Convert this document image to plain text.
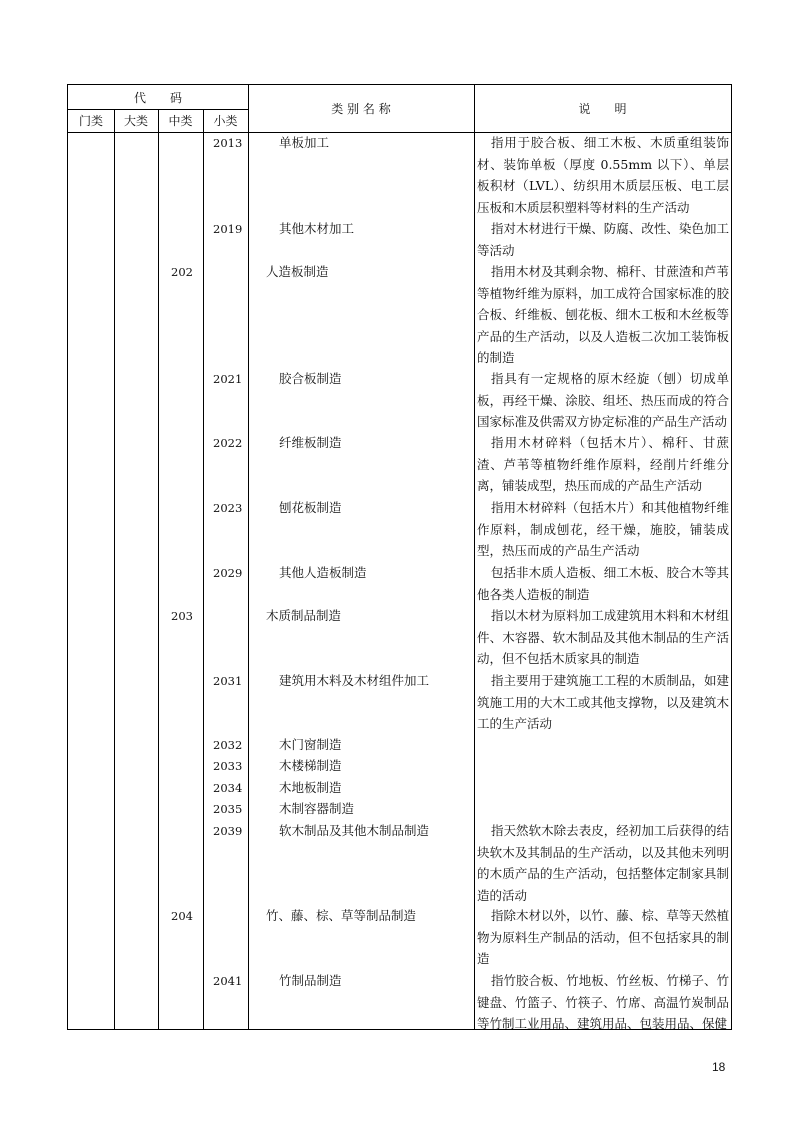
代　　码
门类	大类	中类	小类
类 别 名 称	说　　明
2013	单板加工	指用于胶合板、细工木板、木质重组装饰材、装饰单板（厚度 0.55mm 以下）、单层板积材（LVL）、纺织用木质层压板、电工层压板和木质层积塑料等材料的生产活动
2019	其他木材加工	指对木材进行干燥、防腐、改性、染色加工等活动
202	人造板制造	指用木材及其剩余物、棉秆、甘蔗渣和芦苇等植物纤维为原料，加工成符合国家标准的胶合板、纤维板、刨花板、细木工板和木丝板等产品的生产活动，以及人造板二次加工装饰板的制造
2021	胶合板制造	指具有一定规格的原木经旋（刨）切成单板，再经干燥、涂胶、组坯、热压而成的符合国家标准及供需双方协定标准的产品生产活动
2022	纤维板制造	指用木材碎料（包括木片）、棉秆、甘蔗渣、芦苇等植物纤维作原料，经削片纤维分离，铺装成型，热压而成的产品生产活动
2023	刨花板制造	指用木材碎料（包括木片）和其他植物纤维作原料，制成刨花，经干燥，施胶，铺装成型，热压而成的产品生产活动
2029	其他人造板制造	包括非木质人造板、细工木板、胶合木等其他各类人造板的制造
203	木质制品制造	指以木材为原料加工成建筑用木料和木材组件、木容器、软木制品及其他木制品的生产活动，但不包括木质家具的制造
2031	建筑用木料及木材组件加工	指主要用于建筑施工工程的木质制品，如建筑施工用的大木工或其他支撑物，以及建筑木工的生产活动
2032	木门窗制造
2033	木楼梯制造
2034	木地板制造
2035	木制容器制造
2039	软木制品及其他木制品制造	指天然软木除去表皮，经初加工后获得的结块软木及其制品的生产活动，以及其他未列明的木质产品的生产活动，包括整体定制家具制造的活动
204	竹、藤、棕、草等制品制造	指除木材以外，以竹、藤、棕、草等天然植物为原料生产制品的活动，但不包括家具的制造
2041	竹制品制造	指竹胶合板、竹地板、竹丝板、竹梯子、竹键盘、竹篮子、竹筷子、竹席、高温竹炭制品等竹制工业用品、建筑用品、包装用品、保健
18
